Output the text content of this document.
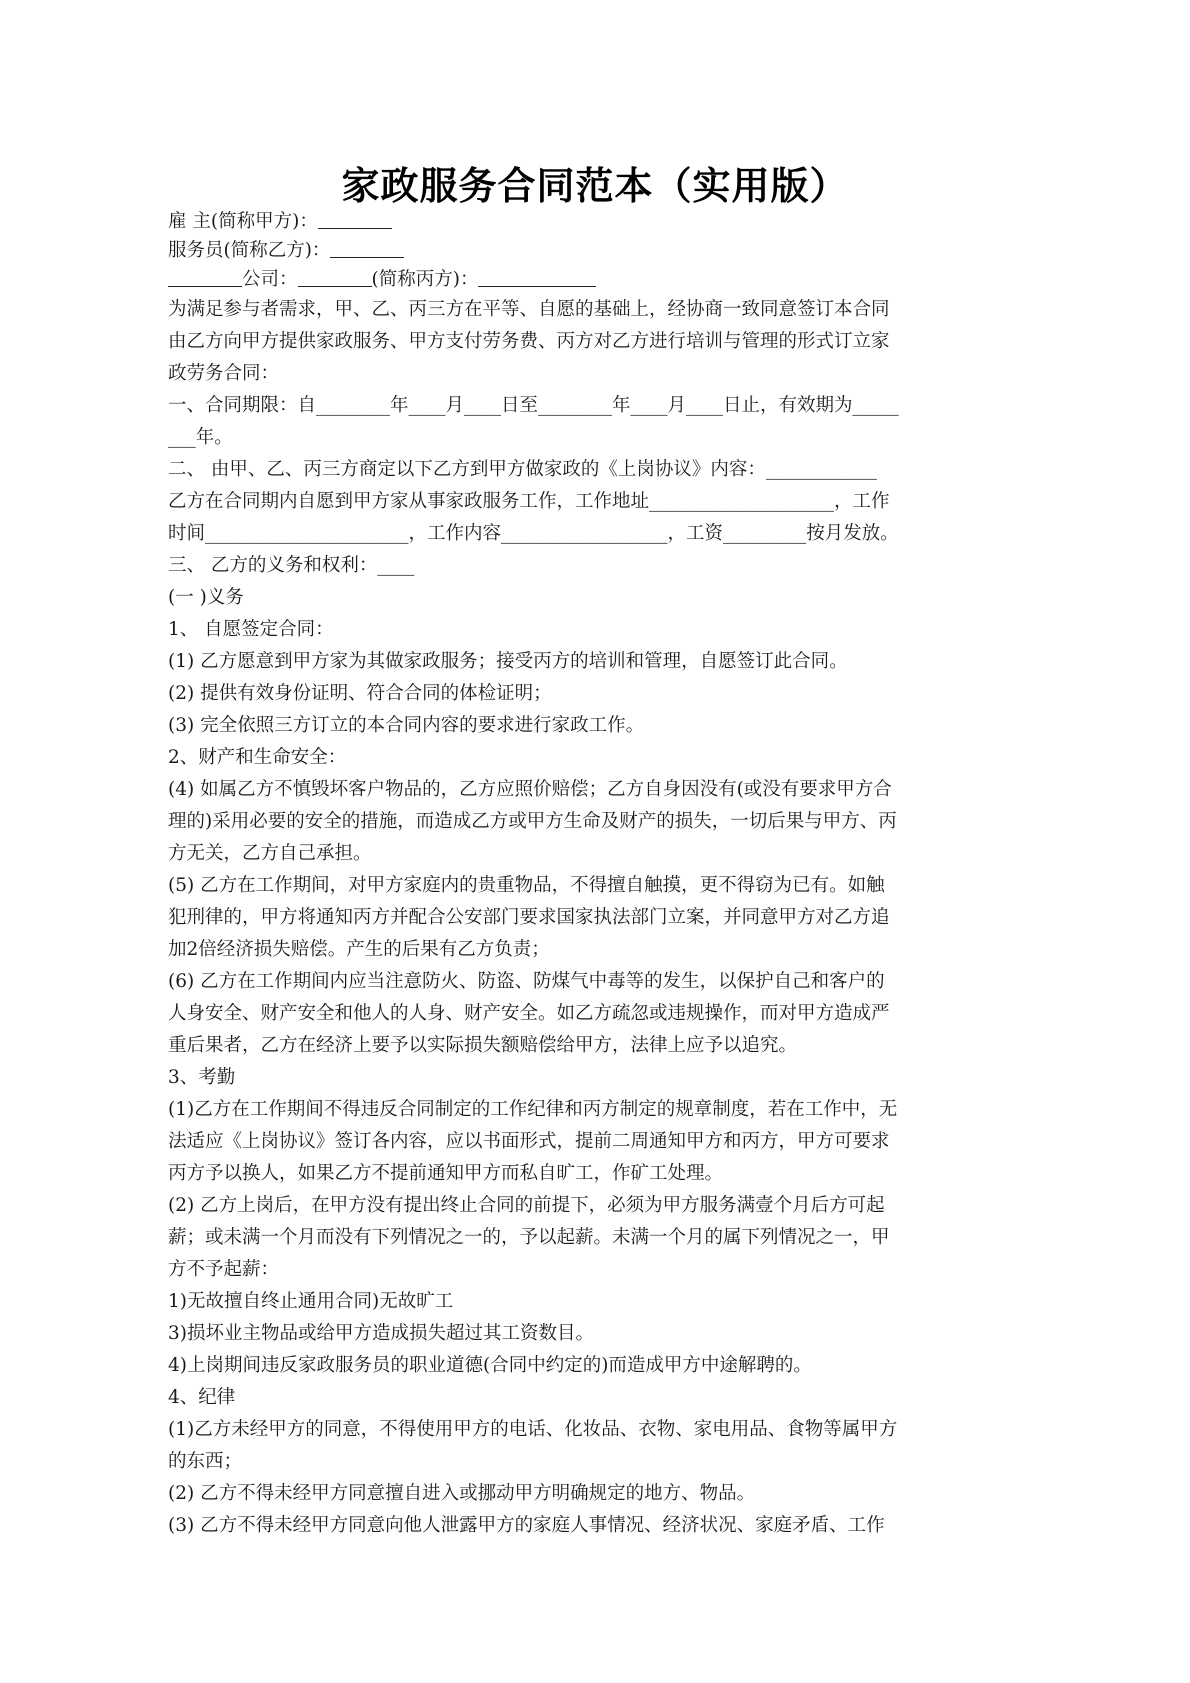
家政服务合同范本（实用版）
雇 主(简称甲方)：
服务员(简称乙方)：
公司：	(简称丙方)：
为满足参与者需求，甲、乙、丙三方在平等、自愿的基础上，经协商一致同意签订本合同
由乙方向甲方提供家政服务、甲方支付劳务费、丙方对乙方进行培训与管理的形式订立家
政劳务合同：
一、合同期限：自________年____月____日至________年____月____日止，有效期为_____
___年。
二、 由甲、乙、丙三方商定以下乙方到甲方做家政的《上岗协议》内容：____________
乙方在合同期内自愿到甲方家从事家政服务工作，工作地址____________________，工作
时间______________________，工作内容__________________，工资_________按月发放。
三、 乙方的义务和权利：____
(一 )义务
1、 自愿签定合同：
(1) 乙方愿意到甲方家为其做家政服务；接受丙方的培训和管理，自愿签订此合同。
(2) 提供有效身份证明、符合合同的体检证明；
(3) 完全依照三方订立的本合同内容的要求进行家政工作。
2、财产和生命安全：
(4) 如属乙方不慎毁坏客户物品的，乙方应照价赔偿；乙方自身因没有(或没有要求甲方合
理的)采用必要的安全的措施，而造成乙方或甲方生命及财产的损失，一切后果与甲方、丙
方无关，乙方自己承担。
(5) 乙方在工作期间，对甲方家庭内的贵重物品，不得擅自触摸，更不得窃为已有。如触
犯刑律的，甲方将通知丙方并配合公安部门要求国家执法部门立案，并同意甲方对乙方追
加2倍经济损失赔偿。产生的后果有乙方负责；
(6) 乙方在工作期间内应当注意防火、防盗、防煤气中毒等的发生，以保护自己和客户的
人身安全、财产安全和他人的人身、财产安全。如乙方疏忽或违规操作，而对甲方造成严
重后果者，乙方在经济上要予以实际损失额赔偿给甲方，法律上应予以追究。
3、考勤
(1)乙方在工作期间不得违反合同制定的工作纪律和丙方制定的规章制度，若在工作中，无
法适应《上岗协议》签订各内容，应以书面形式，提前二周通知甲方和丙方，甲方可要求
丙方予以换人，如果乙方不提前通知甲方而私自旷工，作矿工处理。
(2) 乙方上岗后，在甲方没有提出终止合同的前提下，必须为甲方服务满壹个月后方可起
薪；或未满一个月而没有下列情况之一的，予以起薪。未满一个月的属下列情况之一，甲
方不予起薪：
1)无故擅自终止通用合同)无故旷工
3)损坏业主物品或给甲方造成损失超过其工资数目。
4)上岗期间违反家政服务员的职业道德(合同中约定的)而造成甲方中途解聘的。
4、纪律
(1)乙方未经甲方的同意，不得使用甲方的电话、化妆品、衣物、家电用品、食物等属甲方
的东西；
(2) 乙方不得未经甲方同意擅自进入或挪动甲方明确规定的地方、物品。
(3) 乙方不得未经甲方同意向他人泄露甲方的家庭人事情况、经济状况、家庭矛盾、工作
